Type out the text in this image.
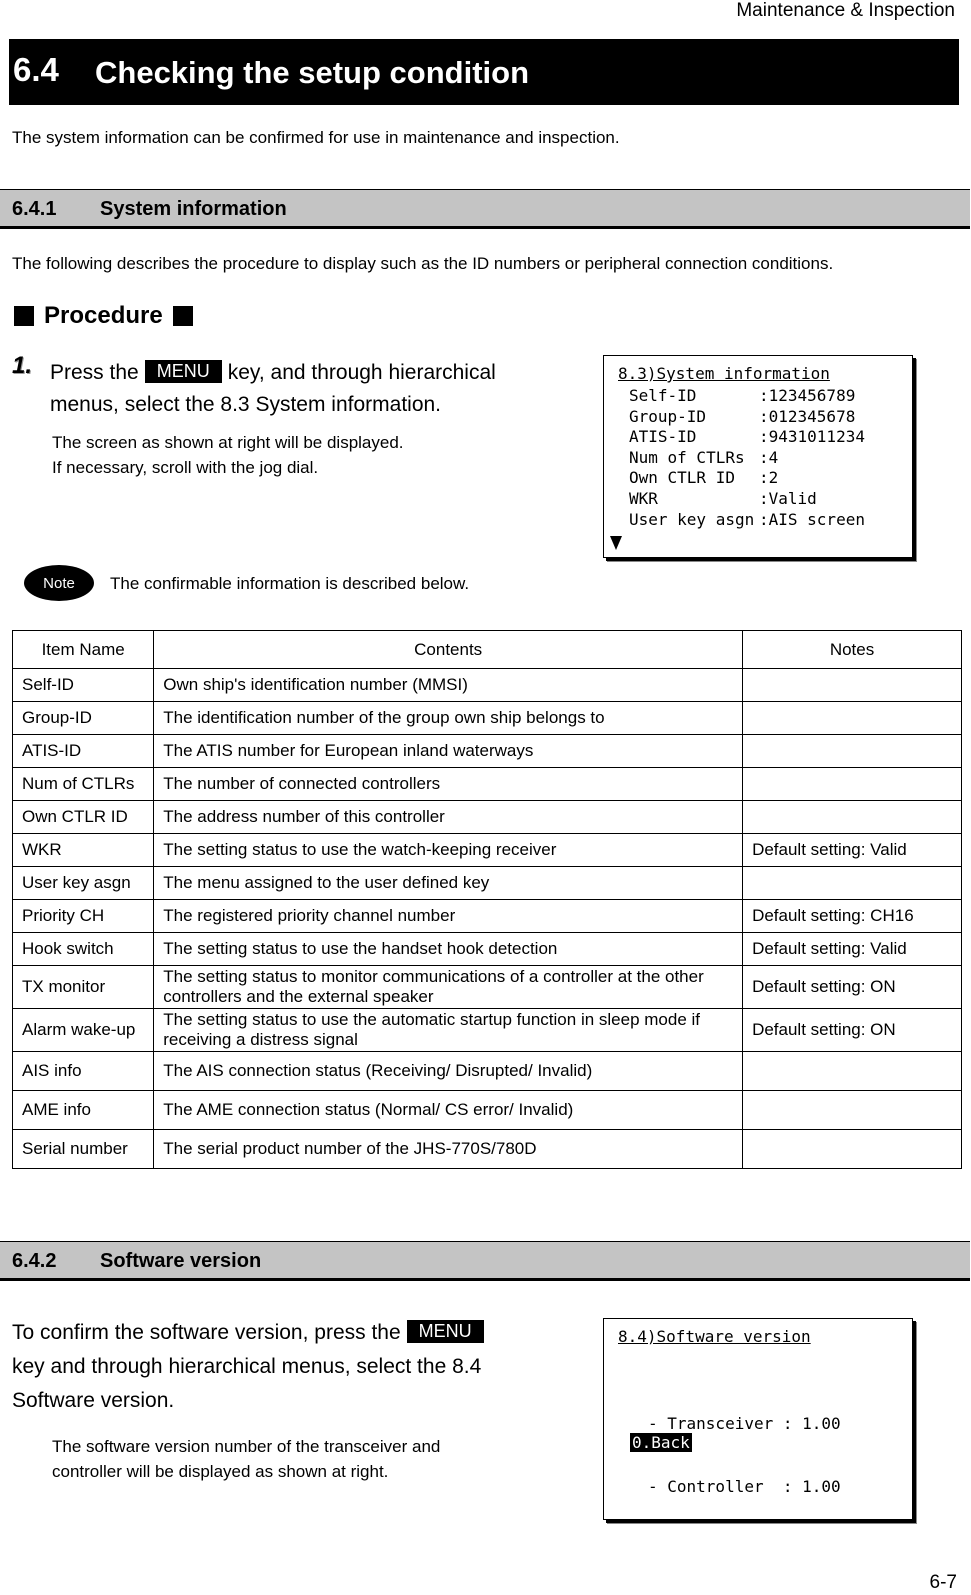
Maintenance & Inspection
6.4 Checking the setup condition
The system information can be confirmed for use in maintenance and inspection.
6.4.1 System information
The following describes the procedure to display such as the ID numbers or peripheral connection conditions.
Procedure
1. Press the MENU key, and through hierarchical menus, select the 8.3 System information.
The screen as shown at right will be displayed.
If necessary, scroll with the jog dial.
8.3)System information
Self-ID	:123456789
Group-ID	:012345678
ATIS-ID	:9431011234
Num of CTLRs :4
Own CTLR ID	:2
WKR	:Valid
User key asgn :AIS screen
Note	The confirmable information is described below.
Item Name	Contents	Notes
Self-ID	Own ship's identification number (MMSI)	
Group-ID	The identification number of the group own ship belongs to	
ATIS-ID	The ATIS number for European inland waterways	
Num of CTLRs	The number of connected controllers	
Own CTLR ID	The address number of this controller	
WKR	The setting status to use the watch-keeping receiver	Default setting: Valid
User key asgn	The menu assigned to the user defined key	
Priority CH	The registered priority channel number	Default setting: CH16
Hook switch	The setting status to use the handset hook detection	Default setting: Valid
TX monitor	The setting status to monitor communications of a controller at the other controllers and the external speaker	Default setting: ON
Alarm wake-up	The setting status to use the automatic startup function in sleep mode if receiving a distress signal	Default setting: ON
AIS info	The AIS connection status (Receiving/ Disrupted/ Invalid)	
AME info	The AME connection status (Normal/ CS error/ Invalid)	
Serial number	The serial product number of the JHS-770S/780D	
6.4.2 Software version
To confirm the software version, press the MENUkey and through hierarchical menus, select the 8.4 Software version.
The software version number of the transceiver and
controller will be displayed as shown at right.
8.4)Software version

- Transceiver : 1.00

- Controller  : 1.00

0.Back
6-7
